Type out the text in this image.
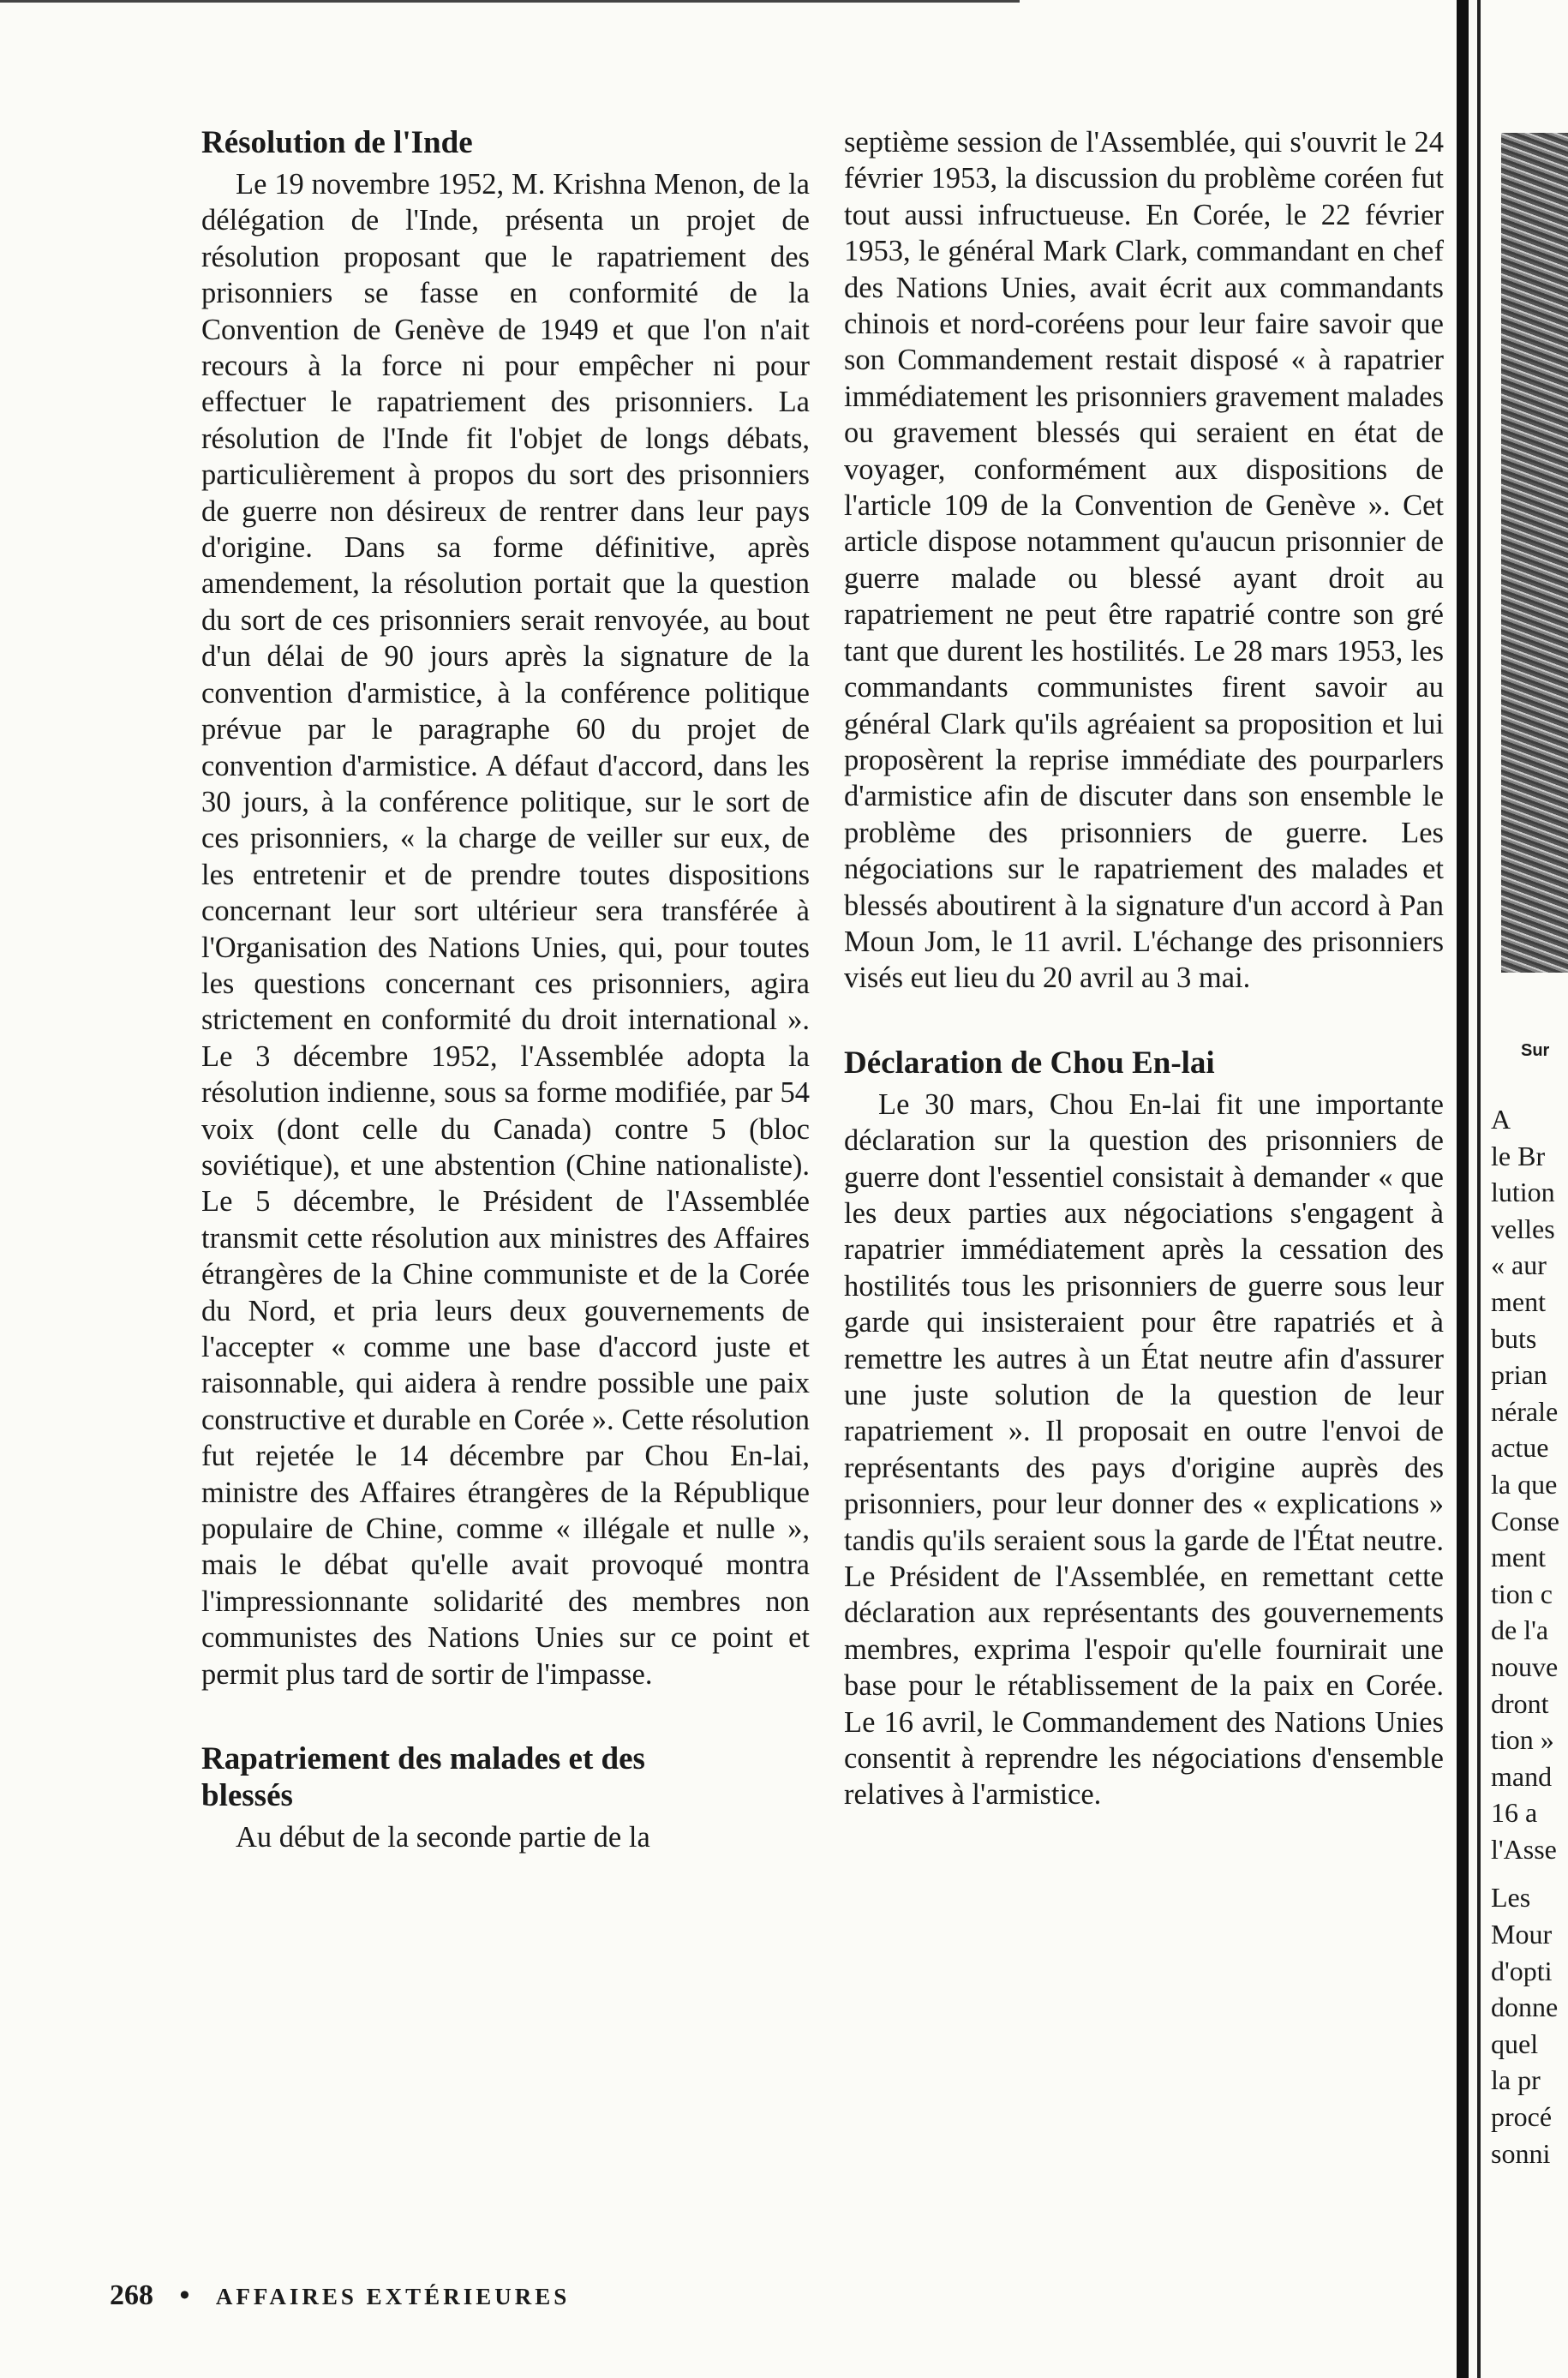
Résolution de l'Inde

Le 19 novembre 1952, M. Krishna Menon, de la délégation de l'Inde, présenta un projet de résolution proposant que le rapatriement des prisonniers se fasse en conformité de la Convention de Genève de 1949 et que l'on n'ait recours à la force ni pour empêcher ni pour effectuer le rapatriement des prisonniers. La résolution de l'Inde fit l'objet de longs débats, particulièrement à propos du sort des prisonniers de guerre non désireux de rentrer dans leur pays d'origine. Dans sa forme définitive, après amendement, la résolution portait que la question du sort de ces prisonniers serait renvoyée, au bout d'un délai de 90 jours après la signature de la convention d'armistice, à la conférence politique prévue par le paragraphe 60 du projet de convention d'armistice. A défaut d'accord, dans les 30 jours, à la conférence politique, sur le sort de ces prisonniers, « la charge de veiller sur eux, de les entretenir et de prendre toutes dispositions concernant leur sort ultérieur sera transférée à l'Organisation des Nations Unies, qui, pour toutes les questions concernant ces prisonniers, agira strictement en conformité du droit international ». Le 3 décembre 1952, l'Assemblée adopta la résolution indienne, sous sa forme modifiée, par 54 voix (dont celle du Canada) contre 5 (bloc soviétique), et une abstention (Chine nationaliste). Le 5 décembre, le Président de l'Assemblée transmit cette résolution aux ministres des Affaires étrangères de la Chine communiste et de la Corée du Nord, et pria leurs deux gouvernements de l'accepter « comme une base d'accord juste et raisonnable, qui aidera à rendre possible une paix constructive et durable en Corée ». Cette résolution fut rejetée le 14 décembre par Chou En-lai, ministre des Affaires étrangères de la République populaire de Chine, comme « illégale et nulle », mais le débat qu'elle avait provoqué montra l'impressionnante solidarité des membres non communistes des Nations Unies sur ce point et permit plus tard de sortir de l'impasse.

Rapatriement des malades et des blessés

Au début de la seconde partie de la

septième session de l'Assemblée, qui s'ouvrit le 24 février 1953, la discussion du problème coréen fut tout aussi infructueuse. En Corée, le 22 février 1953, le général Mark Clark, commandant en chef des Nations Unies, avait écrit aux commandants chinois et nord-coréens pour leur faire savoir que son Commandement restait disposé « à rapatrier immédiatement les prisonniers gravement malades ou gravement blessés qui seraient en état de voyager, conformément aux dispositions de l'article 109 de la Convention de Genève ». Cet article dispose notamment qu'aucun prisonnier de guerre malade ou blessé ayant droit au rapatriement ne peut être rapatrié contre son gré tant que durent les hostilités. Le 28 mars 1953, les commandants communistes firent savoir au général Clark qu'ils agréaient sa proposition et lui proposèrent la reprise immédiate des pourparlers d'armistice afin de discuter dans son ensemble le problème des prisonniers de guerre. Les négociations sur le rapatriement des malades et blessés aboutirent à la signature d'un accord à Pan Moun Jom, le 11 avril. L'échange des prisonniers visés eut lieu du 20 avril au 3 mai.

Déclaration de Chou En-lai

Le 30 mars, Chou En-lai fit une importante déclaration sur la question des prisonniers de guerre dont l'essentiel consistait à demander « que les deux parties aux négociations s'engagent à rapatrier immédiatement après la cessation des hostilités tous les prisonniers de guerre sous leur garde qui insisteraient pour être rapatriés et à remettre les autres à un État neutre afin d'assurer une juste solution de la question de leur rapatriement ». Il proposait en outre l'envoi de représentants des pays d'origine auprès des prisonniers, pour leur donner des « explications » tandis qu'ils seraient sous la garde de l'État neutre. Le Président de l'Assemblée, en remettant cette déclaration aux représentants des gouvernements membres, exprima l'espoir qu'elle fournirait une base pour le rétablissement de la paix en Corée. Le 16 avril, le Commandement des Nations Unies consentit à reprendre les négociations d'ensemble relatives à l'armistice.

Sur
A
le Br
lution
velles
« aur
ment
buts
prian
nérale
actue
la que
Conse
ment
tion c
de l'a
nouve
dront
tion »
mand
16 a
l'Asse
Les
Mour
d'opti
donne
quel
la pr
procé
sonni
268 • AFFAIRES EXTÉRIEURES
